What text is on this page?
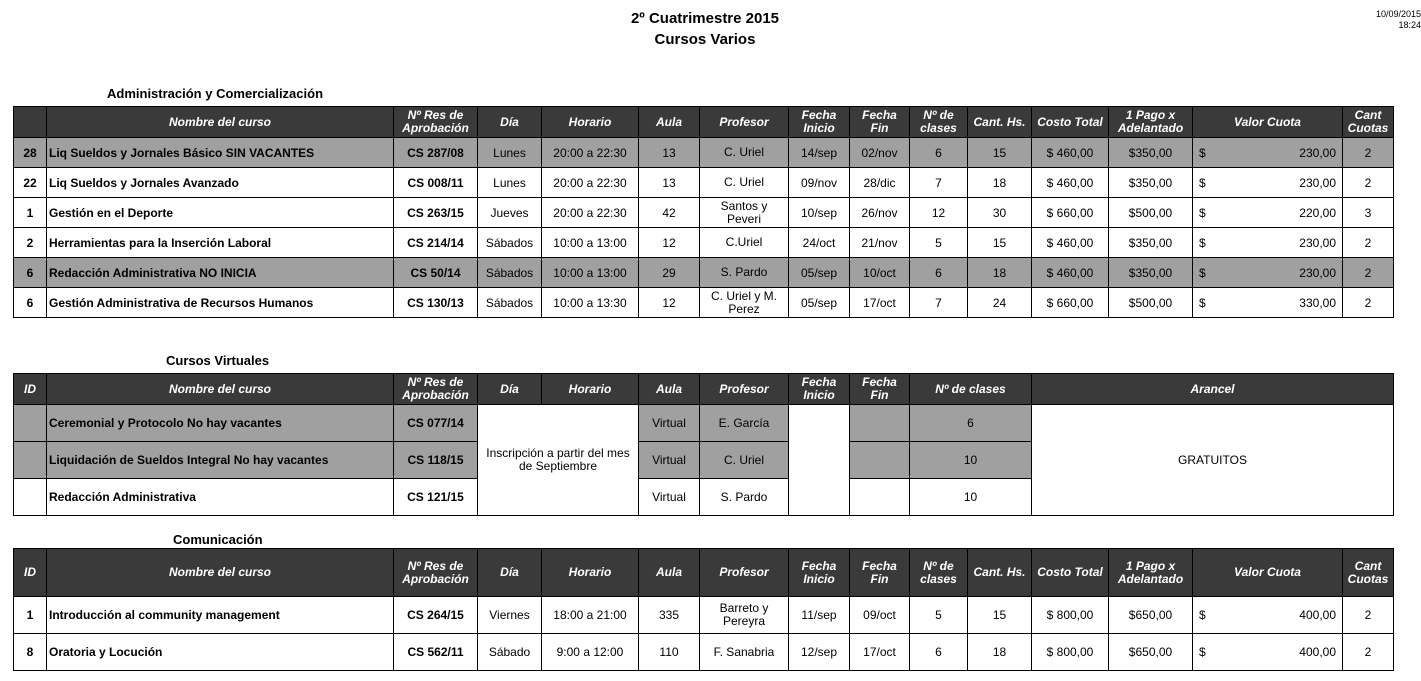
2º Cuatrimestre 2015
Cursos Varios
10/09/2015
18:24
Administración y Comercialización
	Nombre del curso	Nº Res de Aprobación	Día	Horario	Aula	Profesor	Fecha Inicio	Fecha Fin	Nº de clases	Cant. Hs.	Costo Total	1 Pago x Adelantado	Valor Cuota	Cant Cuotas
28	Liq Sueldos y Jornales Básico SIN VACANTES	CS 287/08	Lunes	20:00 a 22:30	13	C. Uriel	14/sep	02/nov	6	15	$ 460,00	$350,00	$ 230,00	2
22	Liq Sueldos y Jornales Avanzado	CS 008/11	Lunes	20:00 a 22:30	13	C. Uriel	09/nov	28/dic	7	18	$ 460,00	$350,00	$ 230,00	2
1	Gestión en el Deporte	CS 263/15	Jueves	20:00 a 22:30	42	Santos y Peveri	10/sep	26/nov	12	30	$ 660,00	$500,00	$ 220,00	3
2	Herramientas para la Inserción Laboral	CS 214/14	Sábados	10:00 a 13:00	12	C.Uriel	24/oct	21/nov	5	15	$ 460,00	$350,00	$ 230,00	2
6	Redacción Administrativa NO INICIA	CS 50/14	Sábados	10:00 a 13:00	29	S. Pardo	05/sep	10/oct	6	18	$ 460,00	$350,00	$ 230,00	2
6	Gestión Administrativa de Recursos Humanos	CS 130/13	Sábados	10:00 a 13:30	12	C. Uriel y M. Perez	05/sep	17/oct	7	24	$ 660,00	$500,00	$ 330,00	2
Cursos Virtuales
ID	Nombre del curso	Nº Res de Aprobación	Día	Horario	Aula	Profesor	Fecha Inicio	Fecha Fin	Nº de clases	Arancel
	Ceremonial y Protocolo No hay vacantes	CS 077/14	Inscripción a partir del mes de Septiembre		Virtual	E. García			6	GRATUITOS
	Liquidación de Sueldos Integral No hay vacantes	CS 118/15			Virtual	C. Uriel			10	
	Redacción Administrativa	CS 121/15			Virtual	S. Pardo			10	
Comunicación
ID	Nombre del curso	Nº Res de Aprobación	Día	Horario	Aula	Profesor	Fecha Inicio	Fecha Fin	Nº de clases	Cant. Hs.	Costo Total	1 Pago x Adelantado	Valor Cuota	Cant Cuotas
1	Introducción al community management	CS 264/15	Viernes	18:00 a 21:00	335	Barreto y Pereyra	11/sep	09/oct	5	15	$ 800,00	$650,00	$ 400,00	2
8	Oratoria y Locución	CS 562/11	Sábado	9:00 a 12:00	110	F. Sanabria	12/sep	17/oct	6	18	$ 800,00	$650,00	$ 400,00	2
